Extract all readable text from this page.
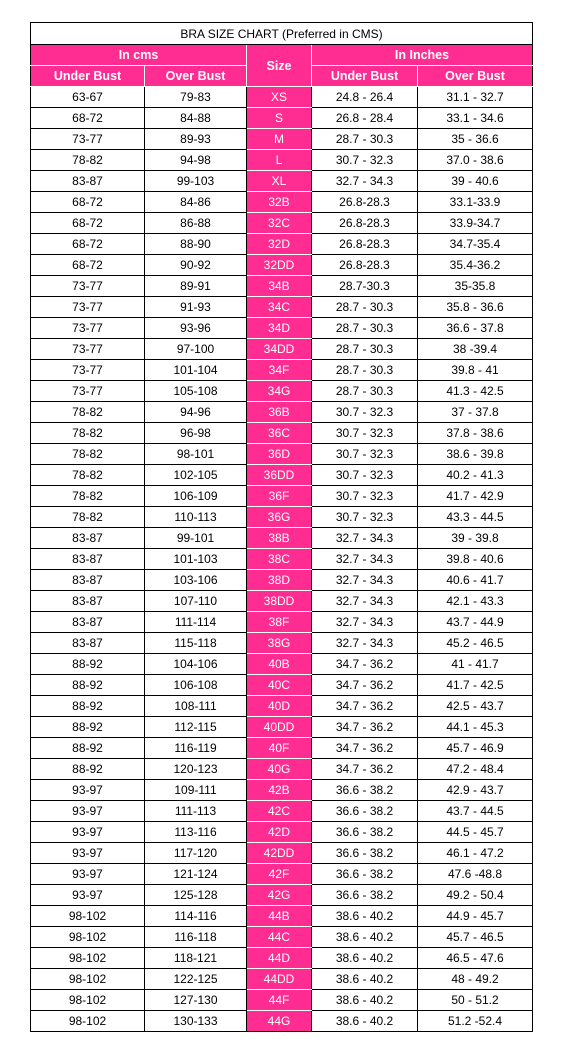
BRA SIZE CHART (Preferred in CMS)				
In cms		Size	In Inches	
Under Bust	Over Bust		Under Bust	Over Bust
63-67	79-83	XS	24.8 - 26.4	31.1 - 32.7
68-72	84-88	S	26.8 - 28.4	33.1 - 34.6
73-77	89-93	M	28.7 - 30.3	35 - 36.6
78-82	94-98	L	30.7 - 32.3	37.0 - 38.6
83-87	99-103	XL	32.7 - 34.3	39 - 40.6
68-72	84-86	32B	26.8-28.3	33.1-33.9
68-72	86-88	32C	26.8-28.3	33.9-34.7
68-72	88-90	32D	26.8-28.3	34.7-35.4
68-72	90-92	32DD	26.8-28.3	35.4-36.2
73-77	89-91	34B	28.7-30.3	35-35.8
73-77	91-93	34C	28.7 - 30.3	35.8 - 36.6
73-77	93-96	34D	28.7 - 30.3	36.6 - 37.8
73-77	97-100	34DD	28.7 - 30.3	38 -39.4
73-77	101-104	34F	28.7 - 30.3	39.8 - 41
73-77	105-108	34G	28.7 - 30.3	41.3 - 42.5
78-82	94-96	36B	30.7 - 32.3	37 - 37.8
78-82	96-98	36C	30.7 - 32.3	37.8 - 38.6
78-82	98-101	36D	30.7 - 32.3	38.6 - 39.8
78-82	102-105	36DD	30.7 - 32.3	40.2 - 41.3
78-82	106-109	36F	30.7 - 32.3	41.7 - 42.9
78-82	110-113	36G	30.7 - 32.3	43.3 - 44.5
83-87	99-101	38B	32.7 - 34.3	39 - 39.8
83-87	101-103	38C	32.7 - 34.3	39.8 - 40.6
83-87	103-106	38D	32.7 - 34.3	40.6 - 41.7
83-87	107-110	38DD	32.7 - 34.3	42.1 - 43.3
83-87	111-114	38F	32.7 - 34.3	43.7 - 44.9
83-87	115-118	38G	32.7 - 34.3	45.2 - 46.5
88-92	104-106	40B	34.7 - 36.2	41 - 41.7
88-92	106-108	40C	34.7 - 36.2	41.7 - 42.5
88-92	108-111	40D	34.7 - 36.2	42.5 - 43.7
88-92	112-115	40DD	34.7 - 36.2	44.1 - 45.3
88-92	116-119	40F	34.7 - 36.2	45.7 - 46.9
88-92	120-123	40G	34.7 - 36.2	47.2 - 48.4
93-97	109-111	42B	36.6 - 38.2	42.9 - 43.7
93-97	111-113	42C	36.6 - 38.2	43.7 - 44.5
93-97	113-116	42D	36.6 - 38.2	44.5 - 45.7
93-97	117-120	42DD	36.6 - 38.2	46.1 - 47.2
93-97	121-124	42F	36.6 - 38.2	47.6 -48.8
93-97	125-128	42G	36.6 - 38.2	49.2 - 50.4
98-102	114-116	44B	38.6 - 40.2	44.9 - 45.7
98-102	116-118	44C	38.6 - 40.2	45.7 - 46.5
98-102	118-121	44D	38.6 - 40.2	46.5 - 47.6
98-102	122-125	44DD	38.6 - 40.2	48 - 49.2
98-102	127-130	44F	38.6 - 40.2	50 - 51.2
98-102	130-133	44G	38.6 - 40.2	51.2 -52.4
